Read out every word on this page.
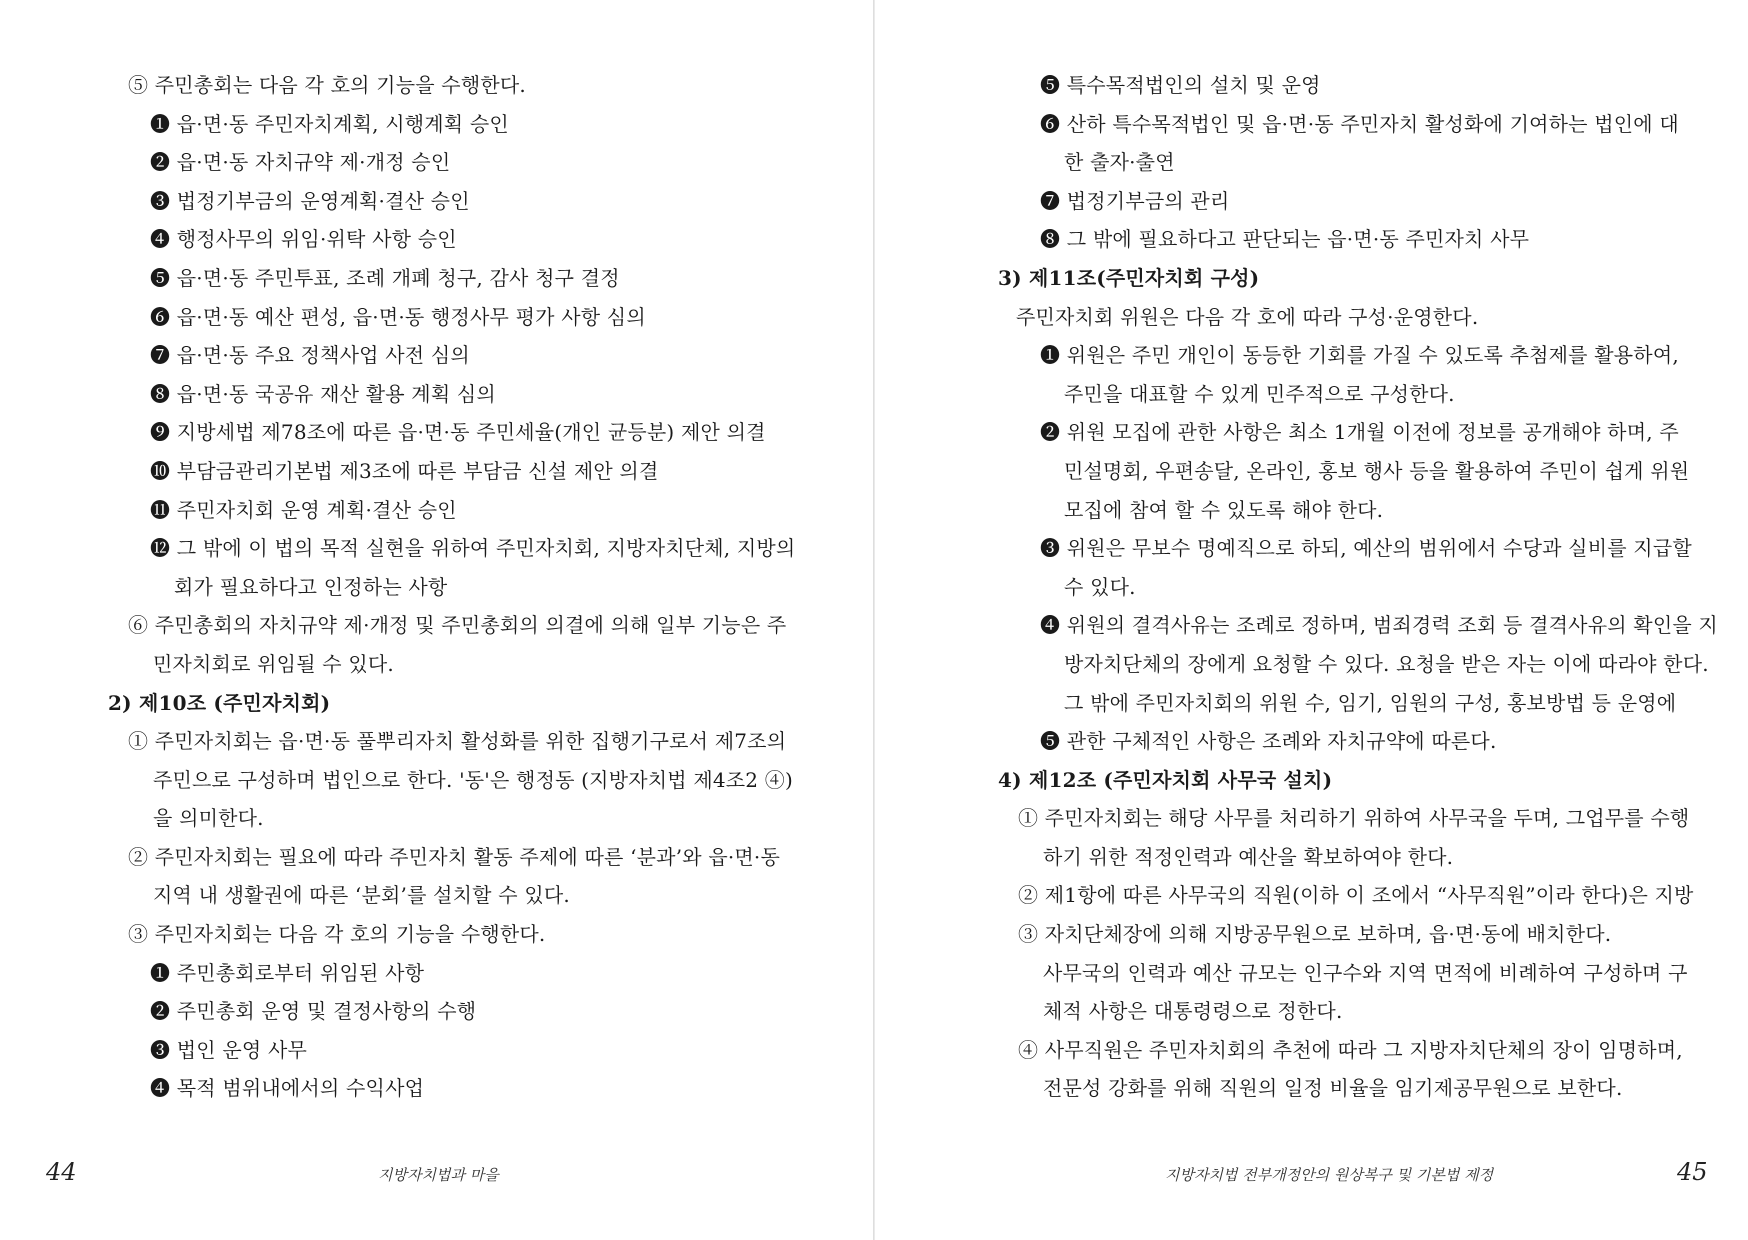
⑤ 주민총회는 다음 각 호의 기능을 수행한다.
❶ 읍·면·동 주민자치계획, 시행계획 승인
❷ 읍·면·동 자치규약 제·개정 승인
❸ 법정기부금의 운영계획·결산 승인
❹ 행정사무의 위임·위탁 사항 승인
❺ 읍·면·동 주민투표, 조례 개폐 청구, 감사 청구 결정
❻ 읍·면·동 예산 편성, 읍·면·동 행정사무 평가 사항 심의
❼ 읍·면·동 주요 정책사업 사전 심의
❽ 읍·면·동 국공유 재산 활용 계획 심의
❾ 지방세법 제78조에 따른 읍·면·동 주민세율(개인 균등분) 제안 의결
❿ 부담금관리기본법 제3조에 따른 부담금 신설 제안 의결
⓫ 주민자치회 운영 계획·결산 승인
⓬ 그 밖에 이 법의 목적 실현을 위하여 주민자치회, 지방자치단체, 지방의
회가 필요하다고 인정하는 사항
⑥ 주민총회의 자치규약 제·개정 및 주민총회의 의결에 의해 일부 기능은 주
민자치회로 위임될 수 있다.
2) 제10조 (주민자치회)
① 주민자치회는 읍·면·동 풀뿌리자치 활성화를 위한 집행기구로서 제7조의
주민으로 구성하며 법인으로 한다. '동'은 행정동 (지방자치법 제4조2 ④)
을 의미한다.
② 주민자치회는 필요에 따라 주민자치 활동 주제에 따른 ‘분과’와 읍·면·동
지역 내 생활권에 따른 ‘분회’를 설치할 수 있다.
③ 주민자치회는 다음 각 호의 기능을 수행한다.
❶ 주민총회로부터 위임된 사항
❷ 주민총회 운영 및 결정사항의 수행
❸ 법인 운영 사무
❹ 목적 범위내에서의 수익사업
44	지방자치법과 마을
❺ 특수목적법인의 설치 및 운영
❻ 산하 특수목적법인 및 읍·면·동 주민자치 활성화에 기여하는 법인에 대
한 출자·출연
❼ 법정기부금의 관리
❽ 그 밖에 필요하다고 판단되는 읍·면·동 주민자치 사무
3) 제11조(주민자치회 구성)
주민자치회 위원은 다음 각 호에 따라 구성·운영한다.
❶ 위원은 주민 개인이 동등한 기회를 가질 수 있도록 추첨제를 활용하여,
주민을 대표할 수 있게 민주적으로 구성한다.
❷ 위원 모집에 관한 사항은 최소 1개월 이전에 정보를 공개해야 하며, 주
민설명회, 우편송달, 온라인, 홍보 행사 등을 활용하여 주민이 쉽게 위원
모집에 참여 할 수 있도록 해야 한다.
❸ 위원은 무보수 명예직으로 하되, 예산의 범위에서 수당과 실비를 지급할
수 있다.
❹ 위원의 결격사유는 조례로 정하며, 범죄경력 조회 등 결격사유의 확인을 지
방자치단체의 장에게 요청할 수 있다. 요청을 받은 자는 이에 따라야 한다.
그 밖에 주민자치회의 위원 수, 임기, 임원의 구성, 홍보방법 등 운영에
❺ 관한 구체적인 사항은 조례와 자치규약에 따른다.
4) 제12조 (주민자치회 사무국 설치)
① 주민자치회는 해당 사무를 처리하기 위하여 사무국을 두며, 그업무를 수행
하기 위한 적정인력과 예산을 확보하여야 한다.
② 제1항에 따른 사무국의 직원(이하 이 조에서 “사무직원”이라 한다)은 지방
③ 자치단체장에 의해 지방공무원으로 보하며, 읍·면·동에 배치한다.
사무국의 인력과 예산 규모는 인구수와 지역 면적에 비례하여 구성하며 구
체적 사항은 대통령령으로 정한다.
④ 사무직원은 주민자치회의 추천에 따라 그 지방자치단체의 장이 임명하며,
전문성 강화를 위해 직원의 일정 비율을 임기제공무원으로 보한다.
45
지방자치법 전부개정안의 원상복구 및 기본법 제정
